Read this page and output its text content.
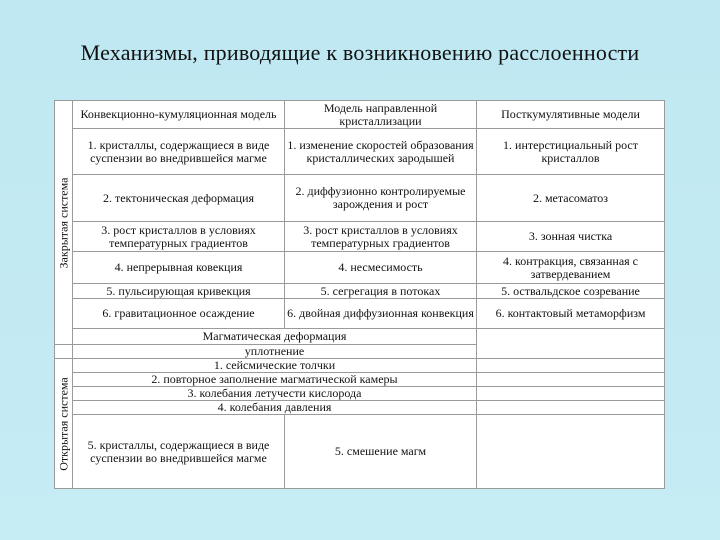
Механизмы, приводящие к возникновению расслоенности
Закрытая система	Конвекционно-кумуляционная модель	Модель направленной кристаллизации	Посткумулятивные модели
	1. кристаллы, содержащиеся в виде суспензии во внедрившейся магме	1. изменение скоростей образования кристаллических зародышей	1. интерстициальный рост кристаллов
	2. тектоническая деформация	2. диффузионно контролируемые зарождения и рост	2. метасоматоз
	3. рост кристаллов в условиях температурных градиентов	3. рост кристаллов в условиях температурных градиентов	3. зонная чистка
	4. непрерывная ковекция	4. несмесимость	4. контракция, связанная с затвердеванием
	5. пульсирующая кривекция	5. сегрегация в потоках	5. оствальдское созревание
	6. гравитационное осаждение	6. двойная диффузионная конвекция	6. контактовый метаморфизм
	Магматическая деформация		
	уплотнение		

Открытая система	1. сейсмические толчки		
	2. повторное заполнение магматической камеры		
	3. колебания летучести кислорода		
	4. колебания давления		
	5. кристаллы, содержащиеся в виде суспензии во внедрившейся магме	5. смешение магм	
